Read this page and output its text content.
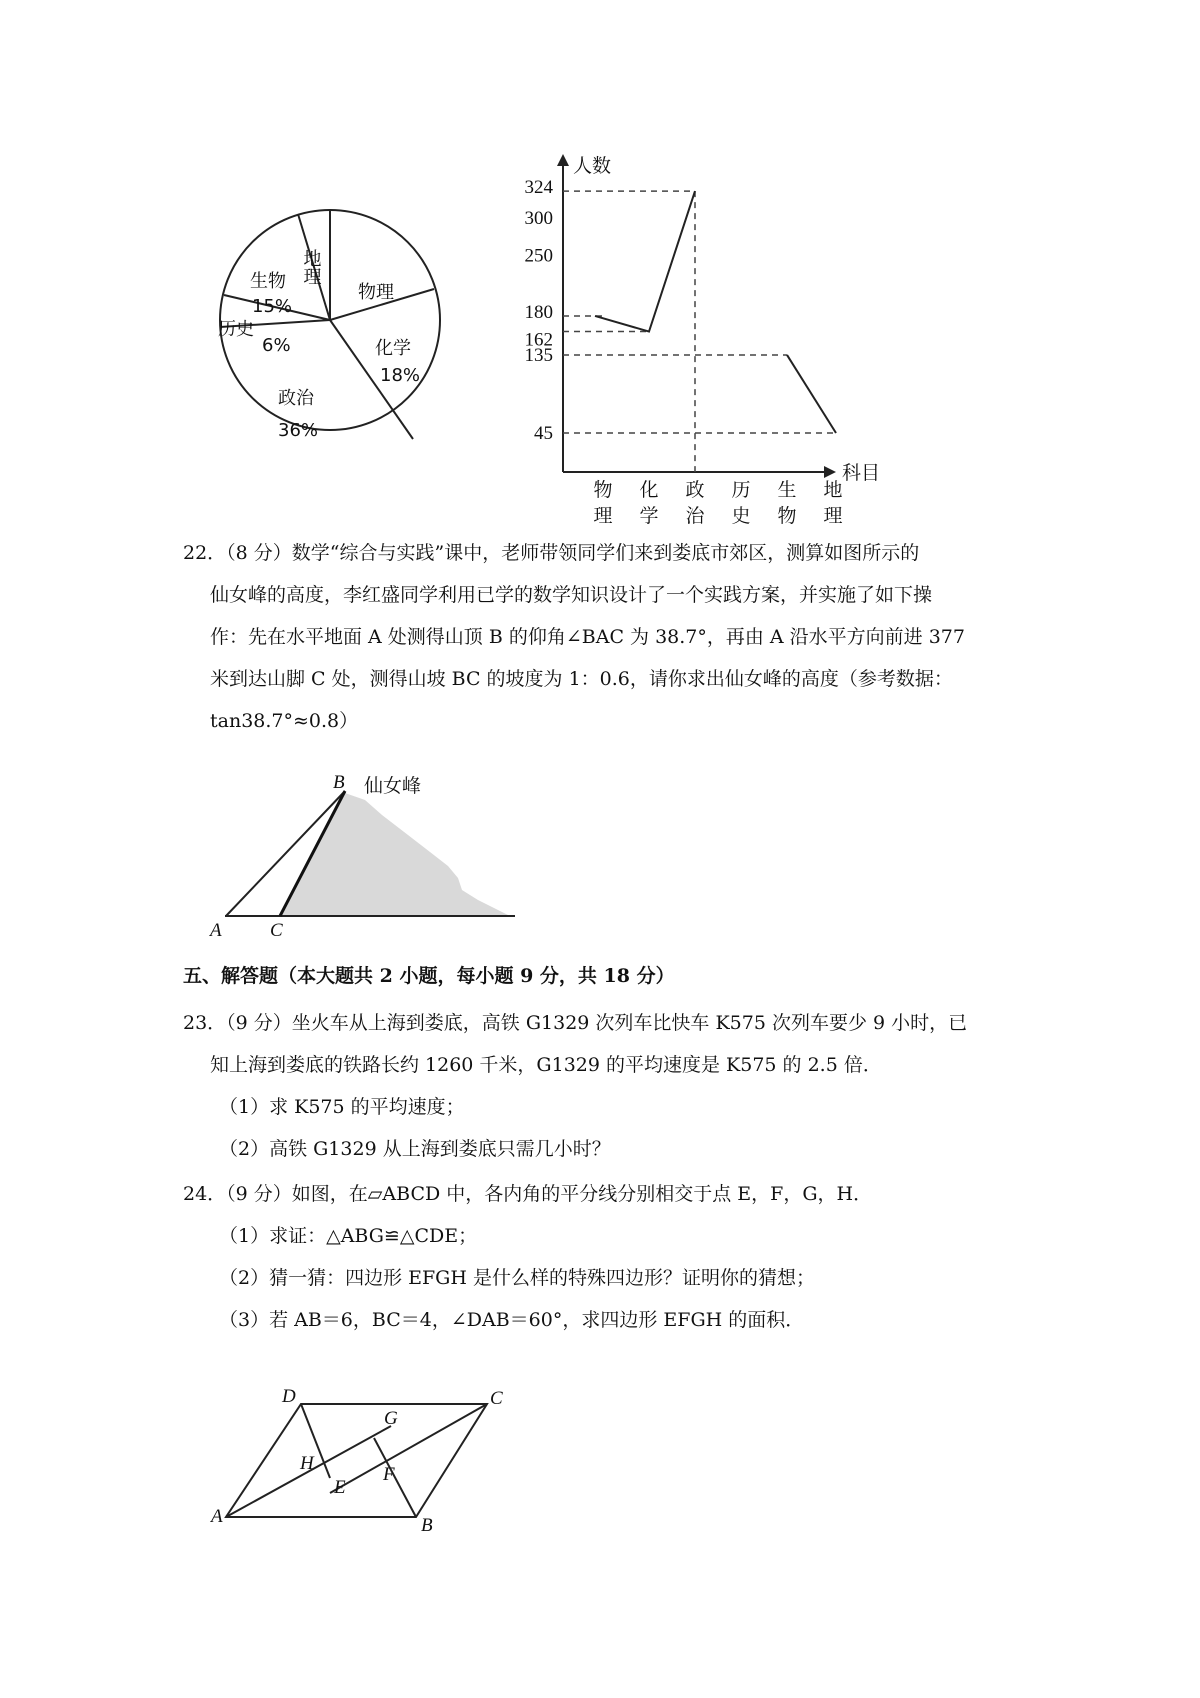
物理
化学
18%
政治
36%
历史
6%
生物
15%
地理
人数
科目
324
300
250
180
162
135
45
物
理
化
学
政
治
历
史
生
物
地
理
22．（8 分）数学“综合与实践”课中，老师带领同学们来到娄底市郊区，测算如图所示的
仙女峰的高度，李红盛同学利用已学的数学知识设计了一个实践方案，并实施了如下操
作：先在水平地面 A 处测得山顶 B 的仰角∠BAC 为 38.7°，再由 A 沿水平方向前进 377
米到达山脚 C 处，测得山坡 BC 的坡度为 1：0.6，请你求出仙女峰的高度（参考数据：
tan38.7°≈0.8）
B 仙女峰
A	C
五、解答题（本大题共 2 小题，每小题 9 分，共 18 分）
23．（9 分）坐火车从上海到娄底，高铁 G1329 次列车比快车 K575 次列车要少 9 小时，已
知上海到娄底的铁路长约 1260 千米，G1329 的平均速度是 K575 的 2.5 倍．
（1）求 K575 的平均速度；
（2）高铁 G1329 从上海到娄底只需几小时？
24．（9 分）如图，在▱ABCD 中，各内角的平分线分别相交于点 E，F，G，H．
（1）求证：△ABG≌△CDE；
（2）猜一猜：四边形 EFGH 是什么样的特殊四边形？证明你的猜想；
（3）若 AB＝6，BC＝4，∠DAB＝60°，求四边形 EFGH 的面积．
D	C
G
H
E
F
A	B
